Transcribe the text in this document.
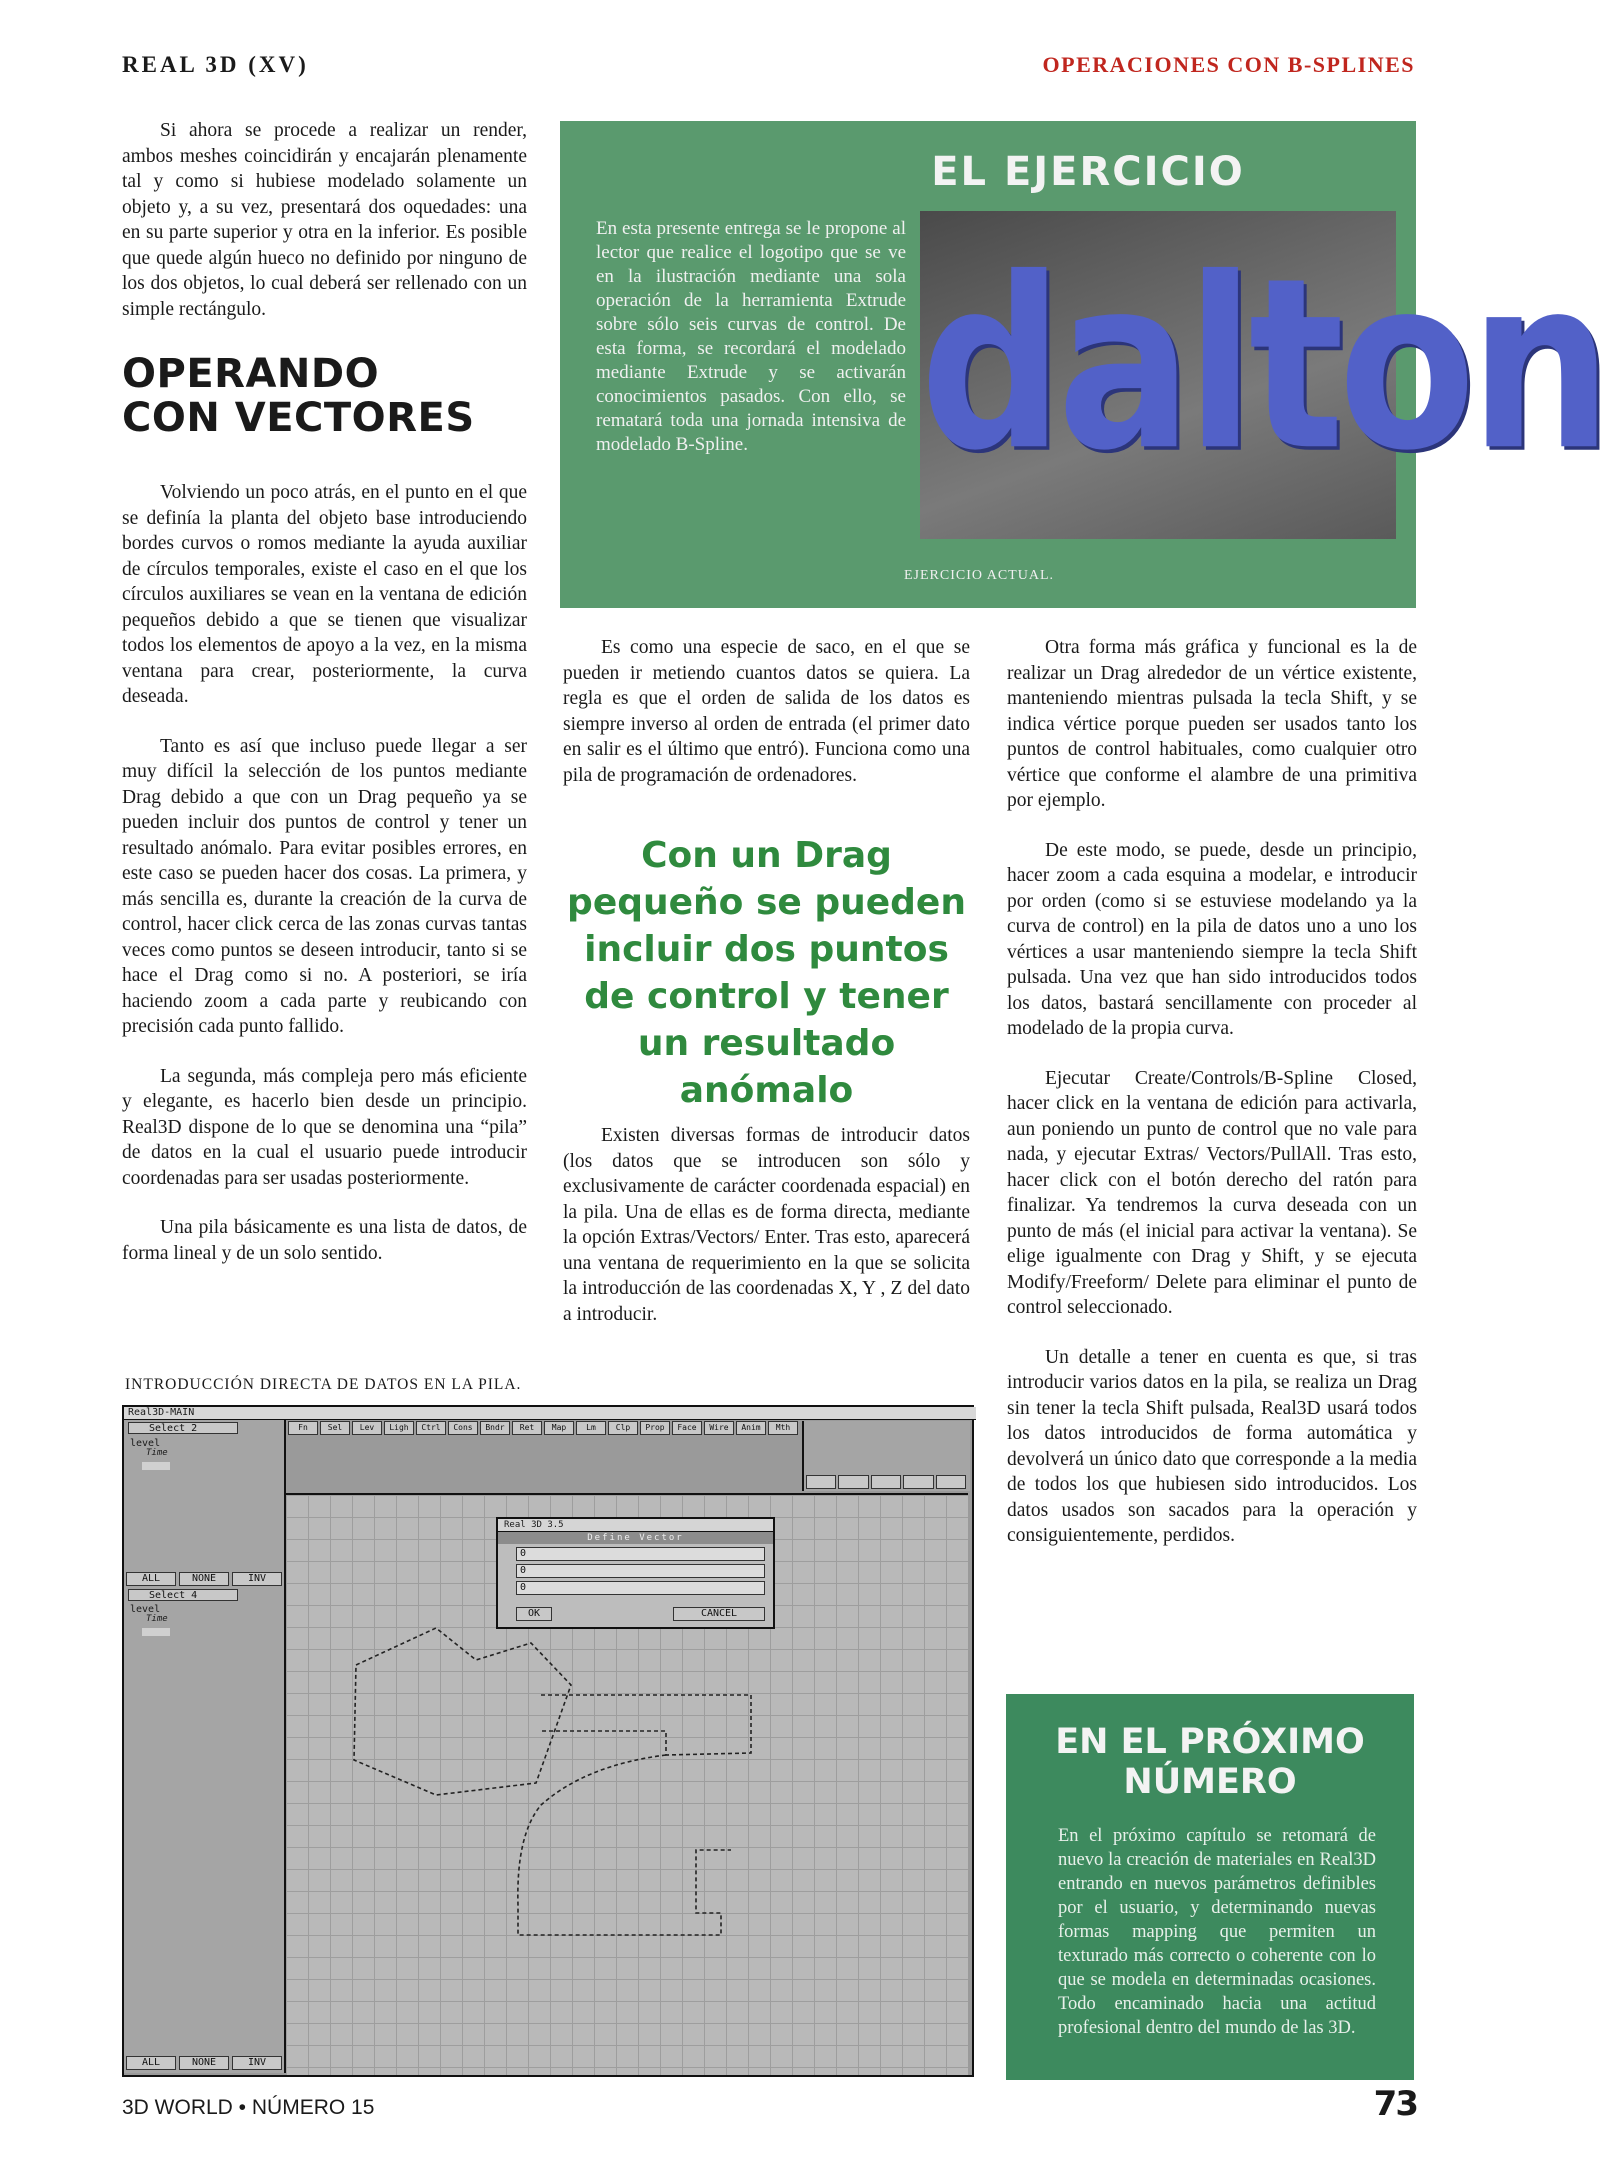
REAL 3D (XV)	OPERACIONES CON B-SPLINES

Si ahora se procede a realizar un render, ambos meshes coincidirán y encajarán plenamente tal y como si hubiese modelado solamente un objeto y, a su vez, presentará dos oquedades: una en su parte superior y otra en la inferior. Es posible que quede algún hueco no definido por ninguno de los dos objetos, lo cual deberá ser rellenado con un simple rectángulo.

OPERANDO CON VECTORES

Volviendo un poco atrás, en el punto en el que se definía la planta del objeto base introduciendo bordes curvos o romos mediante la ayuda auxiliar de círculos temporales, existe el caso en el que los círculos auxiliares se vean en la ventana de edición pequeños debido a que se tienen que visualizar todos los elementos de apoyo a la vez, en la misma ventana para crear, posteriormente, la curva deseada.

Tanto es así que incluso puede llegar a ser muy difícil la selección de los puntos mediante Drag debido a que con un Drag pequeño ya se pueden incluir dos puntos de control y tener un resultado anómalo. Para evitar posibles errores, en este caso se pueden hacer dos cosas. La primera, y más sencilla es, durante la creación de la curva de control, hacer click cerca de las zonas curvas tantas veces como puntos se deseen introducir, tanto si se hace el Drag como si no. A posteriori, se iría haciendo zoom a cada parte y reubicando con precisión cada punto fallido.

La segunda, más compleja pero más eficiente y elegante, es hacerlo bien desde un principio. Real3D dispone de lo que se denomina una “pila” de datos en la cual el usuario puede introducir coordenadas para ser usadas posteriormente.

Una pila básicamente es una lista de datos, de forma lineal y de un solo sentido.

EL EJERCICIO
En esta presente entrega se le propone al lector que realice el logotipo que se ve en la ilustración mediante una sola operación de la herramienta Extrude sobre sólo seis curvas de control. De esta forma, se recordará el modelado mediante Extrude y se activarán conocimientos pasados. Con ello, se rematará toda una jornada intensiva de modelado B-Spline. dalton
EJERCICIO ACTUAL.

Es como una especie de saco, en el que se pueden ir metiendo cuantos datos se quiera. La regla es que el orden de salida de los datos es siempre inverso al orden de entrada (el primer dato en salir es el último que entró). Funciona como una pila de programación de ordenadores.

Con un Drag pequeño se pueden incluir dos puntos de control y tener un resultado anómalo

Existen diversas formas de introducir datos (los datos que se introducen son sólo y exclusivamente de carácter coordenada espacial) en la pila. Una de ellas es de forma directa, mediante la opción Extras/Vectors/ Enter. Tras esto, aparecerá una ventana de requerimiento en la que se solicita la introducción de las coordenadas X, Y , Z del dato a introducir.

Otra forma más gráfica y funcional es la de realizar un Drag alrededor de un vértice existente, manteniendo mientras pulsada la tecla Shift, y se indica vértice porque pueden ser usados tanto los puntos de control habituales, como cualquier otro vértice que conforme el alambre de una primitiva por ejemplo.

De este modo, se puede, desde un principio, hacer zoom a cada esquina a modelar, e introducir por orden (como si se estuviese modelando ya la curva de control) en la pila de datos uno a uno los vértices a usar manteniendo siempre la tecla Shift pulsada. Una vez que han sido introducidos todos los datos, bastará sencillamente con proceder al modelado de la propia curva.

Ejecutar Create/Controls/B-Spline Closed, hacer click en la ventana de edición para activarla, aun poniendo un punto de control que no vale para nada, y ejecutar Extras/ Vectors/PullAll. Tras esto, hacer click con el botón derecho del ratón para finalizar. Ya tendremos la curva deseada con un punto de más (el inicial para activar la ventana). Se elige igualmente con Drag y Shift, y se ejecuta Modify/Freeform/ Delete para eliminar el punto de control seleccionado.

Un detalle a tener en cuenta es que, si tras introducir varios datos en la pila, se realiza un Drag sin tener la tecla Shift pulsada, Real3D usará todos los datos introducidos de forma automática y devolverá un único dato que corresponde a la media de todos los que hubiesen sido introducidos. Los datos usados son sacados para la operación y consiguientemente, perdidos.

EN EL PRÓXIMO NÚMERO
En el próximo capítulo se retomará de nuevo la creación de materiales en Real3D entrando en nuevos parámetros definibles por el usuario, y determinando nuevas formas mapping que permiten un texturado más correcto o coherente con lo que se modela en determinadas ocasiones. Todo encaminado hacia una actitud profesional dentro del mundo de las 3D.
INTRODUCCIÓN DIRECTA DE DATOS EN LA PILA.
Real3D-MAIN
Select 2
level
Time
ALL	NONE	INV
Select 4
level
Time
ALL	NONE	INV
Fn	Sel	Lev	Ligh	Ctrl	Cons	Bndr	Ret	Map	Lm	Clp	Prop	Face	Wire	Anim	Mth
Real 3D 3.5
Define Vector
0
0
0
OK	CANCEL
3D WORLD • NÚMERO 15	73
